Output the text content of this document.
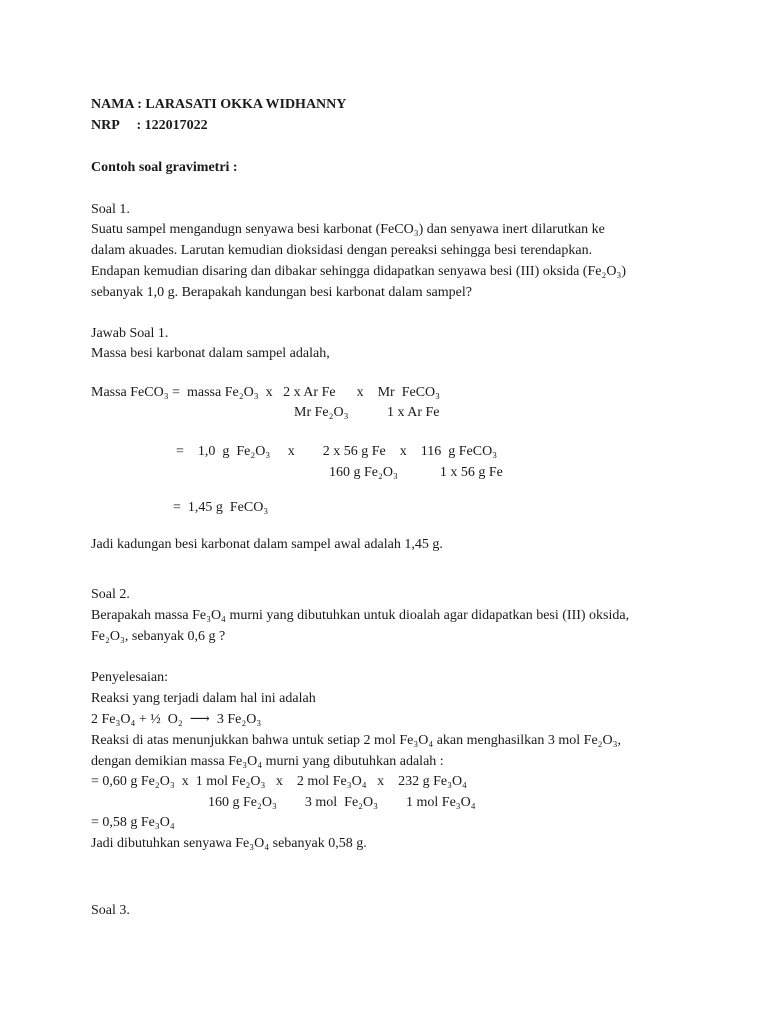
NAMA : LARASATI OKKA WIDHANNY
NRP     : 122017022
Contoh soal gravimetri :
Soal 1.
Suatu sampel mengandugn senyawa besi karbonat (FeCO₃) dan senyawa inert dilarutkan ke
dalam akuades. Larutan kemudian dioksidasi dengan pereaksi sehingga besi terendapkan.
Endapan kemudian disaring dan dibakar sehingga didapatkan senyawa besi (III) oksida (Fe₂O₃)
sebanyak 1,0 g. Berapakah kandungan besi karbonat dalam sampel?
Jawab Soal 1.
Massa besi karbonat dalam sampel adalah,
Massa FeCO₃ =  massa Fe₂O₃  x   2 x Ar Fe      x    Mr  FeCO₃
Mr Fe₂O₃           1 x Ar Fe
=    1,0  g  Fe₂O₃     x        2 x 56 g Fe    x    116  g FeCO₃
160 g Fe₂O₃            1 x 56 g Fe
=  1,45 g  FeCO₃
Jadi kadungan besi karbonat dalam sampel awal adalah 1,45 g.
Soal 2.
Berapakah massa Fe₃O₄ murni yang dibutuhkan untuk dioalah agar didapatkan besi (III) oksida,
Fe₂O₃, sebanyak 0,6 g ?
Penyelesaian:
Reaksi yang terjadi dalam hal ini adalah
2 Fe₃O₄ + ½  O₂  ⟶  3 Fe₂O₃
Reaksi di atas menunjukkan bahwa untuk setiap 2 mol Fe₃O₄ akan menghasilkan 3 mol Fe₂O₃,
dengan demikian massa Fe₃O₄ murni yang dibutuhkan adalah :
= 0,60 g Fe₂O₃  x  1 mol Fe₂O₃   x    2 mol Fe₃O₄   x    232 g Fe₃O₄
160 g Fe₂O₃        3 mol  Fe₂O₃        1 mol Fe₃O₄
= 0,58 g Fe₃O₄
Jadi dibutuhkan senyawa Fe₃O₄ sebanyak 0,58 g.
Soal 3.
